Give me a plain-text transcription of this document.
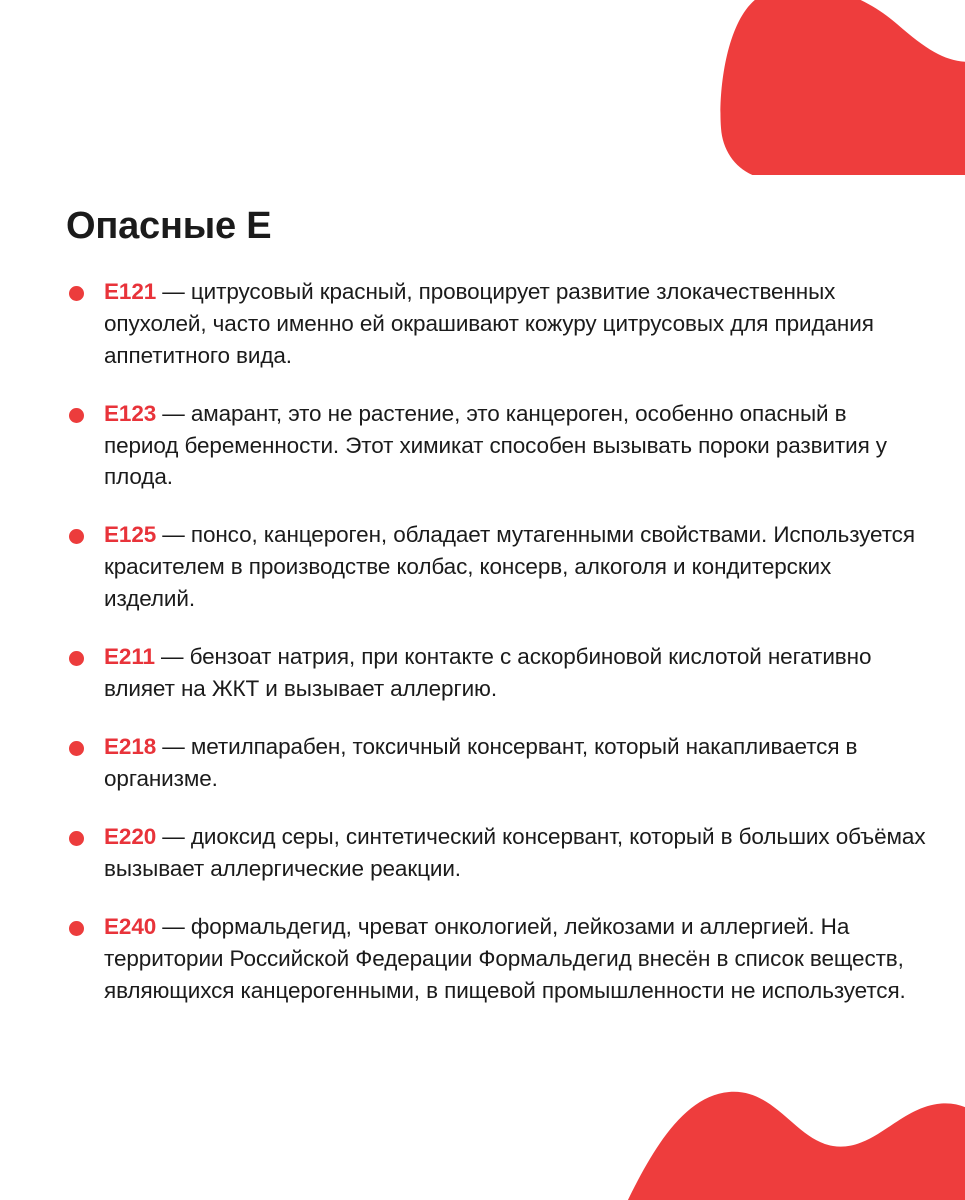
Опасные Е
E121 — цитрусовый красный, провоцирует развитие злокачественных опухолей, часто именно ей окрашивают кожуру цитрусовых для придания аппетитного вида.
E123 — амарант, это не растение, это канцероген, особенно опасный в период беременности. Этот химикат способен вызывать пороки развития у плода.
E125 — понсо, канцероген, обладает мутагенными свойствами. Используется красителем в производстве колбас, консерв, алкоголя и кондитерских изделий.
E211 — бензоат натрия, при контакте с аскорбиновой кислотой негативно влияет на ЖКТ и вызывает аллергию.
E218 — метилпарабен, токсичный консервант, который накапливается в организме.
E220 — диоксид серы, синтетический консервант, который в больших объёмах вызывает аллергические реакции.
E240 — формальдегид, чреват онкологией, лейкозами и аллергией. На территории Российской Федерации Формальдегид внесён в список веществ, являющихся канцерогенными, в пищевой промышленности не используется.
